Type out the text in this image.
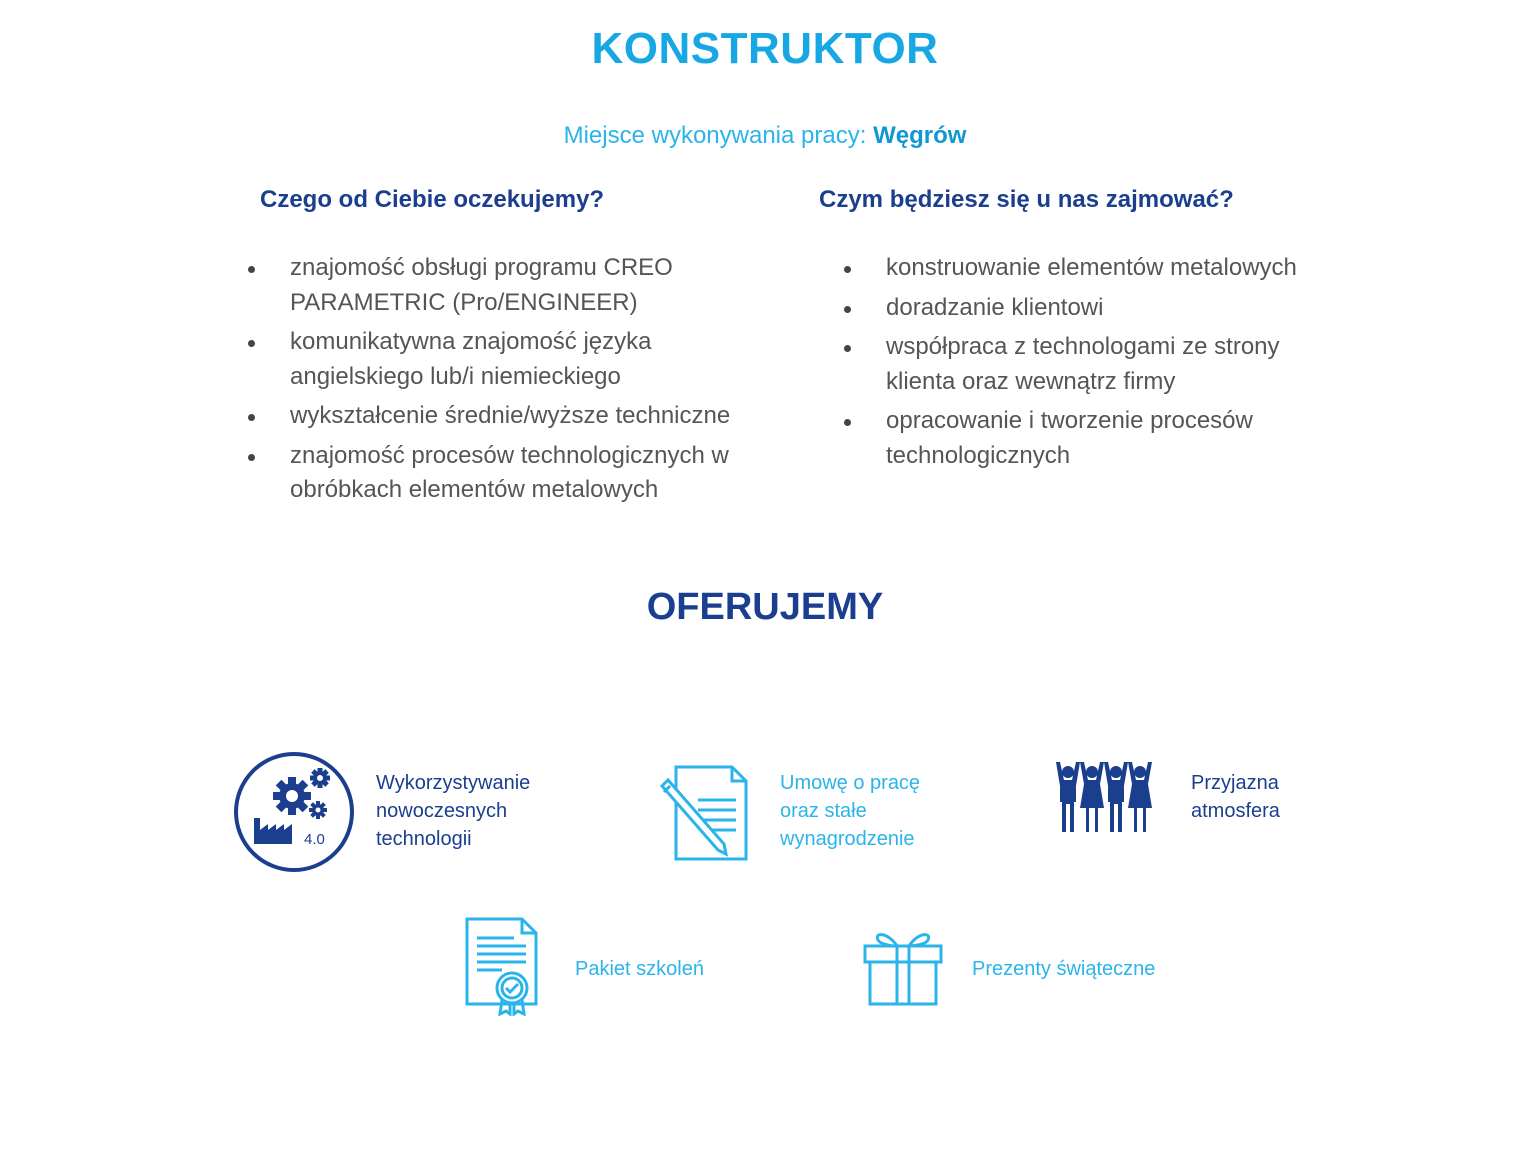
KONSTRUKTOR
Miejsce wykonywania pracy: Węgrów
Czego od Ciebie oczekujemy?	Czym będziesz się u nas zajmować?
znajomość obsługi programu CREO
PARAMETRIC (Pro/ENGINEER)
komunikatywna znajomość języka
angielskiego lub/i niemieckiego
wykształcenie średnie/wyższe techniczne
znajomość procesów technologicznych w
obróbkach elementów metalowych
konstruowanie elementów metalowych
doradzanie klientowi
współpraca z technologami ze strony
klienta oraz wewnątrz firmy
opracowanie i tworzenie procesów
technologicznych
OFERUJEMY
4.0
Wykorzystywanie
nowoczesnych
technologii
Umowę o pracę
oraz stałe
wynagrodzenie
Przyjazna
atmosfera
Pakiet szkoleń	Prezenty świąteczne
